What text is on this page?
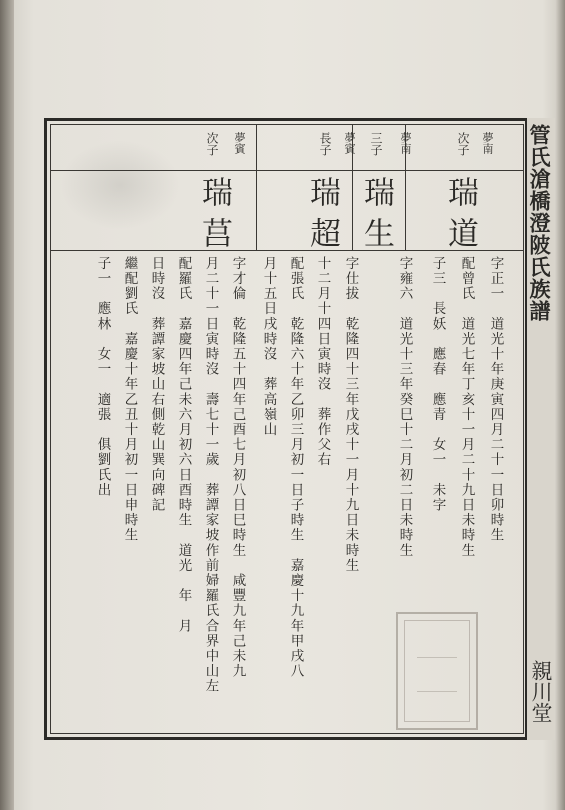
夢南
次子
夢南
三子
夢賓
長子
夢賓
次子
瑞道
瑞生
瑞超
瑞莒
字正一　道光十年庚寅四月二十一日卯時生
配曾氏　道光七年丁亥十一月二十九日未時生
子三　長妖　應春　應青　女一　未字
字雍六　道光十三年癸巳十二月初二日未時生
字仕拔　乾隆四十三年戊戌十一月十九日未時生
十二月十四日寅時沒　葬作父右
配張氏　乾隆六十年乙卯三月初一日子時生　嘉慶十九年甲戌八
月十五日戌時沒　葬高嶺山
字才倫　乾隆五十四年己酉七月初八日巳時生　咸豐九年己未九
月二十一日寅時沒　壽七十一歲　葬譚家坡作前婦羅氏合界中山左
配羅氏　嘉慶四年己未六月初六日酉時生　道光　年　月
日時沒　葬譚家坡山右側乾山巽向碑記
繼配劉氏　嘉慶十年乙丑十月初一日申時生
子一　應林　女一　適張　俱劉氏出
管氏滄橋澄陂氏族譜
親川堂
